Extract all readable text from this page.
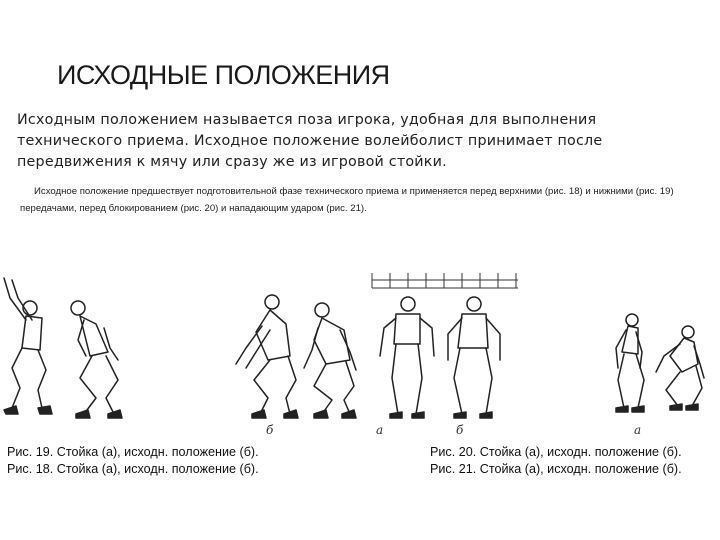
ИСХОДНЫЕ ПОЛОЖЕНИЯ
Исходным положением называется поза игрока, удобная для выполнения технического приема. Исходное положение волейболист принимает после передвижения к мячу или сразу же из игровой стойки.
Исходное положение предшествует подготовительной фазе технического приема и применяется перед верхними (рис. 18) и нижними (рис. 19) передачами, перед блокированием (рис. 20) и нападающим ударом (рис. 21).
б	а	б	а
Рис. 19. Стойка (а), исходн. положение (б).
Рис. 18. Стойка (а), исходн. положение (б).
Рис. 20. Стойка (а), исходн. положение (б).
Рис. 21. Стойка (а), исходн. положение (б).
